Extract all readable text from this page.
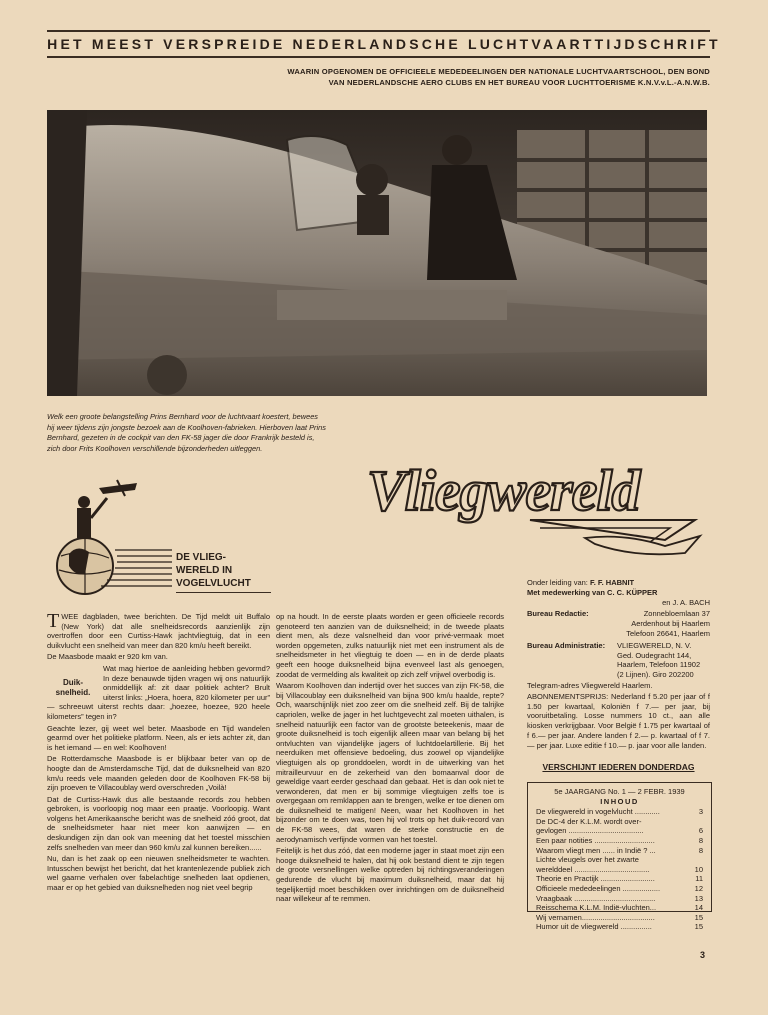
HET MEEST VERSPREIDE NEDERLANDSCHE LUCHTVAARTTIJDSCHRIFT
WAARIN OPGENOMEN DE OFFICIEELE MEDEDEELINGEN DER NATIONALE LUCHTVAARTSCHOOL, DEN BOND
VAN NEDERLANDSCHE AERO CLUBS EN HET BUREAU VOOR LUCHTTOERISME K.N.V.v.L.-A.N.W.B.
Welk een groote belangstelling Prins Bernhard voor de luchtvaart koestert, bewees hij weer tijdens zijn jongste bezoek aan de Koolhoven-fabrieken. Hierboven laat Prins Bernhard, gezeten in de cockpit van den FK-58 jager die door Frankrijk besteld is, zich door Frits Koolhoven verschillende bijzonderheden uitleggen.
Vliegwereld
DE VLIEG-
WERELD IN
VOGELVLUCHT

TWEE dagbladen, twee berichten. De Tijd meldt uit Buffalo (New York) dat alle snelheidsrecords aanzienlijk zijn overtroffen door een Curtiss-Hawk jachtvliegtuig, dat in een duikvlucht een snelheid van meer dan 820 km/u heeft bereikt.

De Maasbode maakt er 920 km van.

Duik-
snelheid.
Wat mag hiertoe de aanleiding hebben gevormd? In deze benauwde tijden vragen wij ons natuurlijk onmiddellijk af: zit daar politiek achter? Brult uiterst links: „Hoera, hoera, 820 kilometer per uur” — schreeuwt uiterst rechts daar: „hoezee, hoezee, 920 heele kilometers” tegen in?

Geachte lezer, gij weet wel beter. Maasbode en Tijd wandelen gearmd over het politieke platform. Neen, als er iets achter zit, dan is het iemand — en wel: Koolhoven!

De Rotterdamsche Maasbode is er blijkbaar beter van op de hoogte dan de Amsterdamsche Tijd, dat de duiksnelheid van 820 km/u reeds vele maanden geleden door de Koolhoven FK-58 bij zijn proeven te Villacoublay werd overschreden „Voilà!

Dat de Curtiss-Hawk dus alle bestaande records zou hebben gebroken, is voorloopig nog maar een praatje. Voorloopig. Want volgens het Amerikaansche bericht was de snelheid zóó groot, dat de snelheidsmeter haar niet meer kon aanwijzen — en deskundigen zijn dan ook van meening dat het toestel misschien zelfs snelheden van meer dan 960 km/u zal kunnen bereiken......

Nu, dan is het zaak op een nieuwen snelheidsmeter te wachten. Intusschen bewijst het bericht, dat het krantenlezende publiek zich wel gaarne verhalen over fabelachtige snelheden laat opdienen, maar er op het gebied van duiksnelheden nog niet veel begrip

op na houdt. In de eerste plaats worden er geen officieele records genoteerd ten aanzien van de duiksnelheid; in de tweede plaats dient men, als deze valsnelheid dan voor privé-vermaak moet worden opgemeten, zulks natuurlijk niet met een instrument als de snelheidsmeter in het vliegtuig te doen — en in de derde plaats geeft een hooge duiksnelheid bijna evenveel last als genoegen, zoodat de vermelding als kwaliteit op zich zelf vrijwel overbodig is.

Waarom Koolhoven dan indertijd over het succes van zijn FK-58, die bij Villacoublay een duiksnelheid van bijna 900 km/u haalde, repte? Och, waarschijnlijk niet zoo zeer om die snelheid zelf. Bij de talrijke capriolen, welke de jager in het luchtgevecht zal moeten uithalen, is snelheid natuurlijk een factor van de grootste beteekenis, maar de groote duiksnelheid is toch eigenlijk alleen maar van belang bij het ontvluchten van vijandelijke jagers of luchtdoelartillerie. Bij het neerduiken met offensieve bedoeling, dus zoowel op vijandelijke vliegtuigen als op gronddoelen, wordt in de uitwerking van het mitrailleurvuur en de zekerheid van den bomaanval door de geweldige vaart eerder geschaad dan gebaat. Het is dan ook niet te verwonderen, dat men er bij sommige vliegtuigen zelfs toe is overgegaan om remklappen aan te brengen, welke er toe dienen om de duiksnelheid te matigen! Neen, waar het Koolhoven in het bijzonder om te doen was, toen hij vol trots op het duik-record van de FK-58 wees, dat waren de sterke constructie en de aerodynamisch verfijnde vormen van het toestel.

Feitelijk is het dus zóó, dat een moderne jager in staat moet zijn een hooge duiksnelheid te halen, dat hij ook bestand dient te zijn tegen de groote versnellingen welke optreden bij richtingsveranderingen gedurende de vlucht bij maximum duiksnelheid, maar dat hij tegelijkertijd moet beschikken over inrichtingen om de duiksnelheid naar willekeur af te remmen.

Onder leiding van: F. F. HABNIT
Met medewerking van C. C. KÜPPER
en J. A. BACH
Bureau Redactie:	Zonnebloemlaan 37
Aerdenhout bij Haarlem
Telefoon 26641, Haarlem
Bureau Administratie:	VLIEGWERELD, N. V.
Ged. Oudegracht 144,
Haarlem, Telefoon 11902
(2 Lijnen). Giro 202200
Telegram-adres Vliegwereld Haarlem.
ABONNEMENTSPRIJS: Nederland f 5.20 per jaar of f 1.50 per kwartaal, Koloniën f 7.— per jaar, bij vooruitbetaling. Losse nummers 10 ct., aan alle kiosken verkrijgbaar. Voor België f 1.75 per kwartaal of f 6.— per jaar. Andere landen f 2.— p. kwartaal of f 7.— per jaar. Luxe editie f 10.— p. jaar voor alle landen.
VERSCHIJNT IEDEREN DONDERDAG
5e JAARGANG No. 1 — 2 FEBR. 1939
INHOUD
De vliegwereld in vogelvlucht ............	3
De DC-4 der K.L.M. wordt over-
gevlogen ....................................	6
Een paar notities .............................	8
Waarom vliegt men ...... in Indië ? ...	8
Lichte vleugels over het zwarte
werelddeel ....................................	10
Theorie en Practijk ..........................	11
Officieele mededeelingen ..................	12
Vraagbaak .......................................	13
Reisschema K.L.M. Indië-vluchten...	14
Wij vernamen...................................	15
Humor uit de vliegwereld ...............	15
3
